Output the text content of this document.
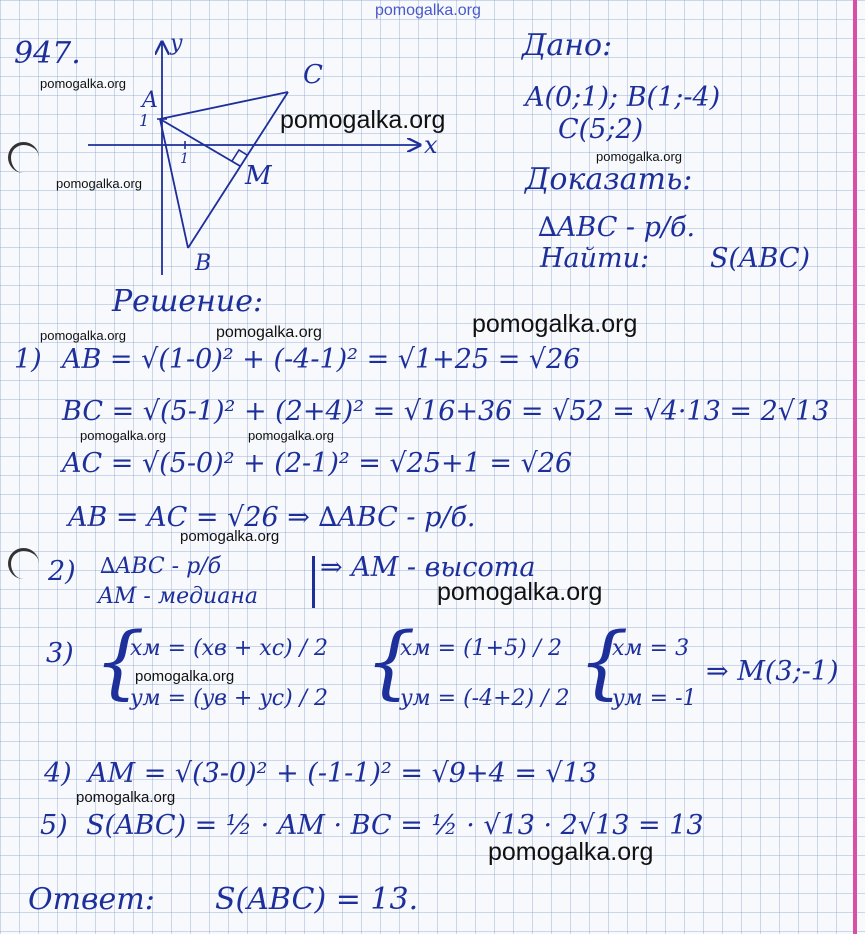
pomogalka.org
947.	y
x
A
1
1
C
M
B
Дано:
A(0;1); B(1;-4)
C(5;2)
Доказать:
∆ABC - р/б.
Найти: S(ABC)
Решение:
1) AB = √(1-0)² + (-4-1)² = √1+25 = √26
BC = √(5-1)² + (2+4)² = √16+36 = √52 = √4·13 = 2√13
AC = √(5-0)² + (2-1)² = √25+1 = √26
AB = AC = √26 ⇒ ∆ABC - р/б.
2) ∆ABC - р/б
AM - медиана
⇒ AM - высота
3) {
xм = (xв + xс) / 2
yм = (yв + yс) / 2 {
xм = (1+5) / 2
yм = (-4+2) / 2 {
xм = 3
yм = -1
⇒ M(3;-1)
4) AM = √(3-0)² + (-1-1)² = √9+4 = √13
5) S(ABC) = ½ · AM · BC = ½ · √13 · 2√13 = 13
Ответ: S(ABC) = 13.
pomogalka.org
pomogalka.org
pomogalka.org
pomogalka.org
pomogalka.org
pomogalka.org
pomogalka.org
pomogalka.org	pomogalka.org
pomogalka.org	pomogalka.org
pomogalka.org
pomogalka.org
pomogalka.org
